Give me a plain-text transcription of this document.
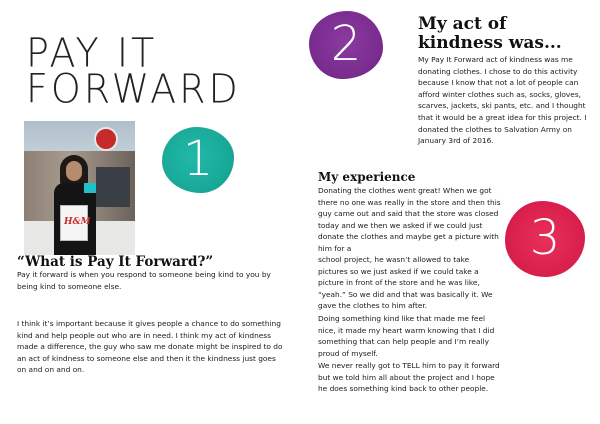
PAY IT
FORWARD
H&M
1
2
3
“What is Pay It Forward?”

Pay it forward is when you respond to someone being kind to you by being kind to someone else.

I think it’s important because it gives people a chance to do something kind and help people out who are in need. I think my act of kindness made a difference, the guy who saw me donate might be inspired to do an act of kindness to someone else and then it the kindness just goes on and on and on.

My act of kindness was...

My Pay It Forward act of kindness was me donating clothes. I chose to do this activity because I know that not a lot of people can afford winter clothes such as, socks, gloves, scarves, jackets, ski pants, etc. and I thought that it would be a great idea for this project. I donated the clothes to Salvation Army on January 3rd of 2016.

My experience

Donating the clothes went great! When we got there no one was really in the store and then this guy came out and said that the store was closed today and we then we asked if we could just donate the clothes and maybe get a picture with him for a

school project, he wasn’t allowed to take pictures so we just asked if we could take a picture in front of the store and he was like, “yeah.” So we did and that was basically it. We gave the clothes to him after.

Doing something kind like that made me feel nice, it made my heart warm knowing that I did something that can help people and I’m really proud of myself.

We never really got to TELL him to pay it forward but we told him all about the project and I hope he does something kind back to other people.
